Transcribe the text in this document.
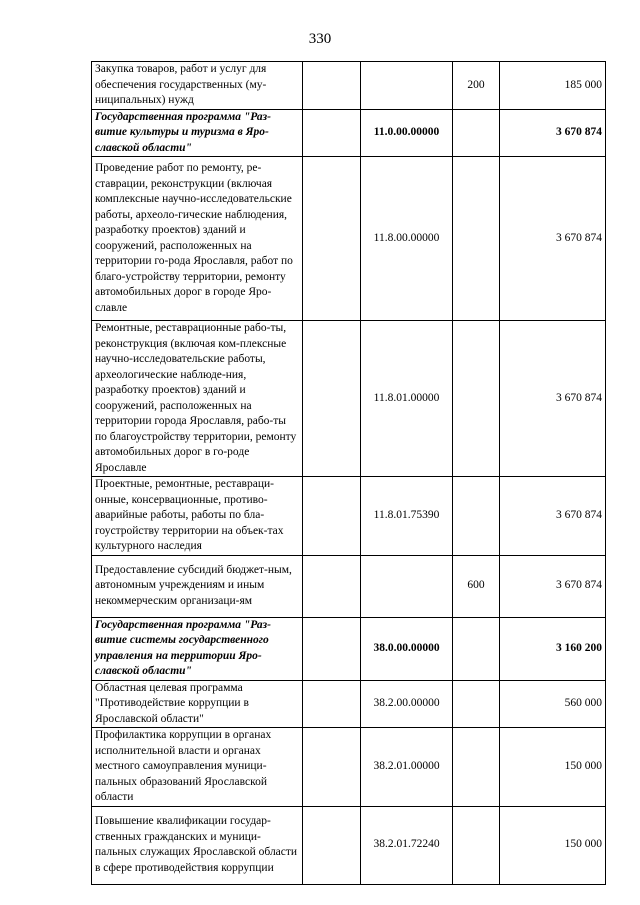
330
Закупка товаров, работ и услуг для обеспечения государственных (му-ниципальных) нужд			200	185 000
Государственная программа "Раз-витие культуры и туризма в Яро-славской области"		11.0.00.00000		3 670 874
Проведение работ по ремонту, ре-ставрации, реконструкции (включая комплексные научно-исследовательские работы, археоло-гические наблюдения, разработку проектов) зданий и сооружений, расположенных на территории го-рода Ярославля, работ по благо-устройству территории, ремонту автомобильных дорог в городе Яро-славле		11.8.00.00000		3 670 874
Ремонтные, реставрационные рабо-ты, реконструкция (включая ком-плексные научно-исследовательские работы, археологические наблюде-ния, разработку проектов) зданий и сооружений, расположенных на территории города Ярославля, рабо-ты по благоустройству территории, ремонту автомобильных дорог в го-роде Ярославле		11.8.01.00000		3 670 874
Проектные, ремонтные, реставраци-онные, консервационные, противо-аварийные работы, работы по бла-гоустройству территории на объек-тах культурного наследия		11.8.01.75390		3 670 874
Предоставление субсидий бюджет-ным, автономным учреждениям и иным некоммерческим организаци-ям			600	3 670 874
Государственная программа "Раз-витие системы государственного управления на территории Яро-славской области"		38.0.00.00000		3 160 200
Областная целевая программа "Противодействие коррупции в Ярославской области"		38.2.00.00000		560 000
Профилактика коррупции в органах исполнительной власти и органах местного самоуправления муници-пальных образований Ярославской области		38.2.01.00000		150 000
Повышение квалификации государ-ственных гражданских и муници-пальных служащих Ярославской области в сфере противодействия коррупции		38.2.01.72240		150 000
